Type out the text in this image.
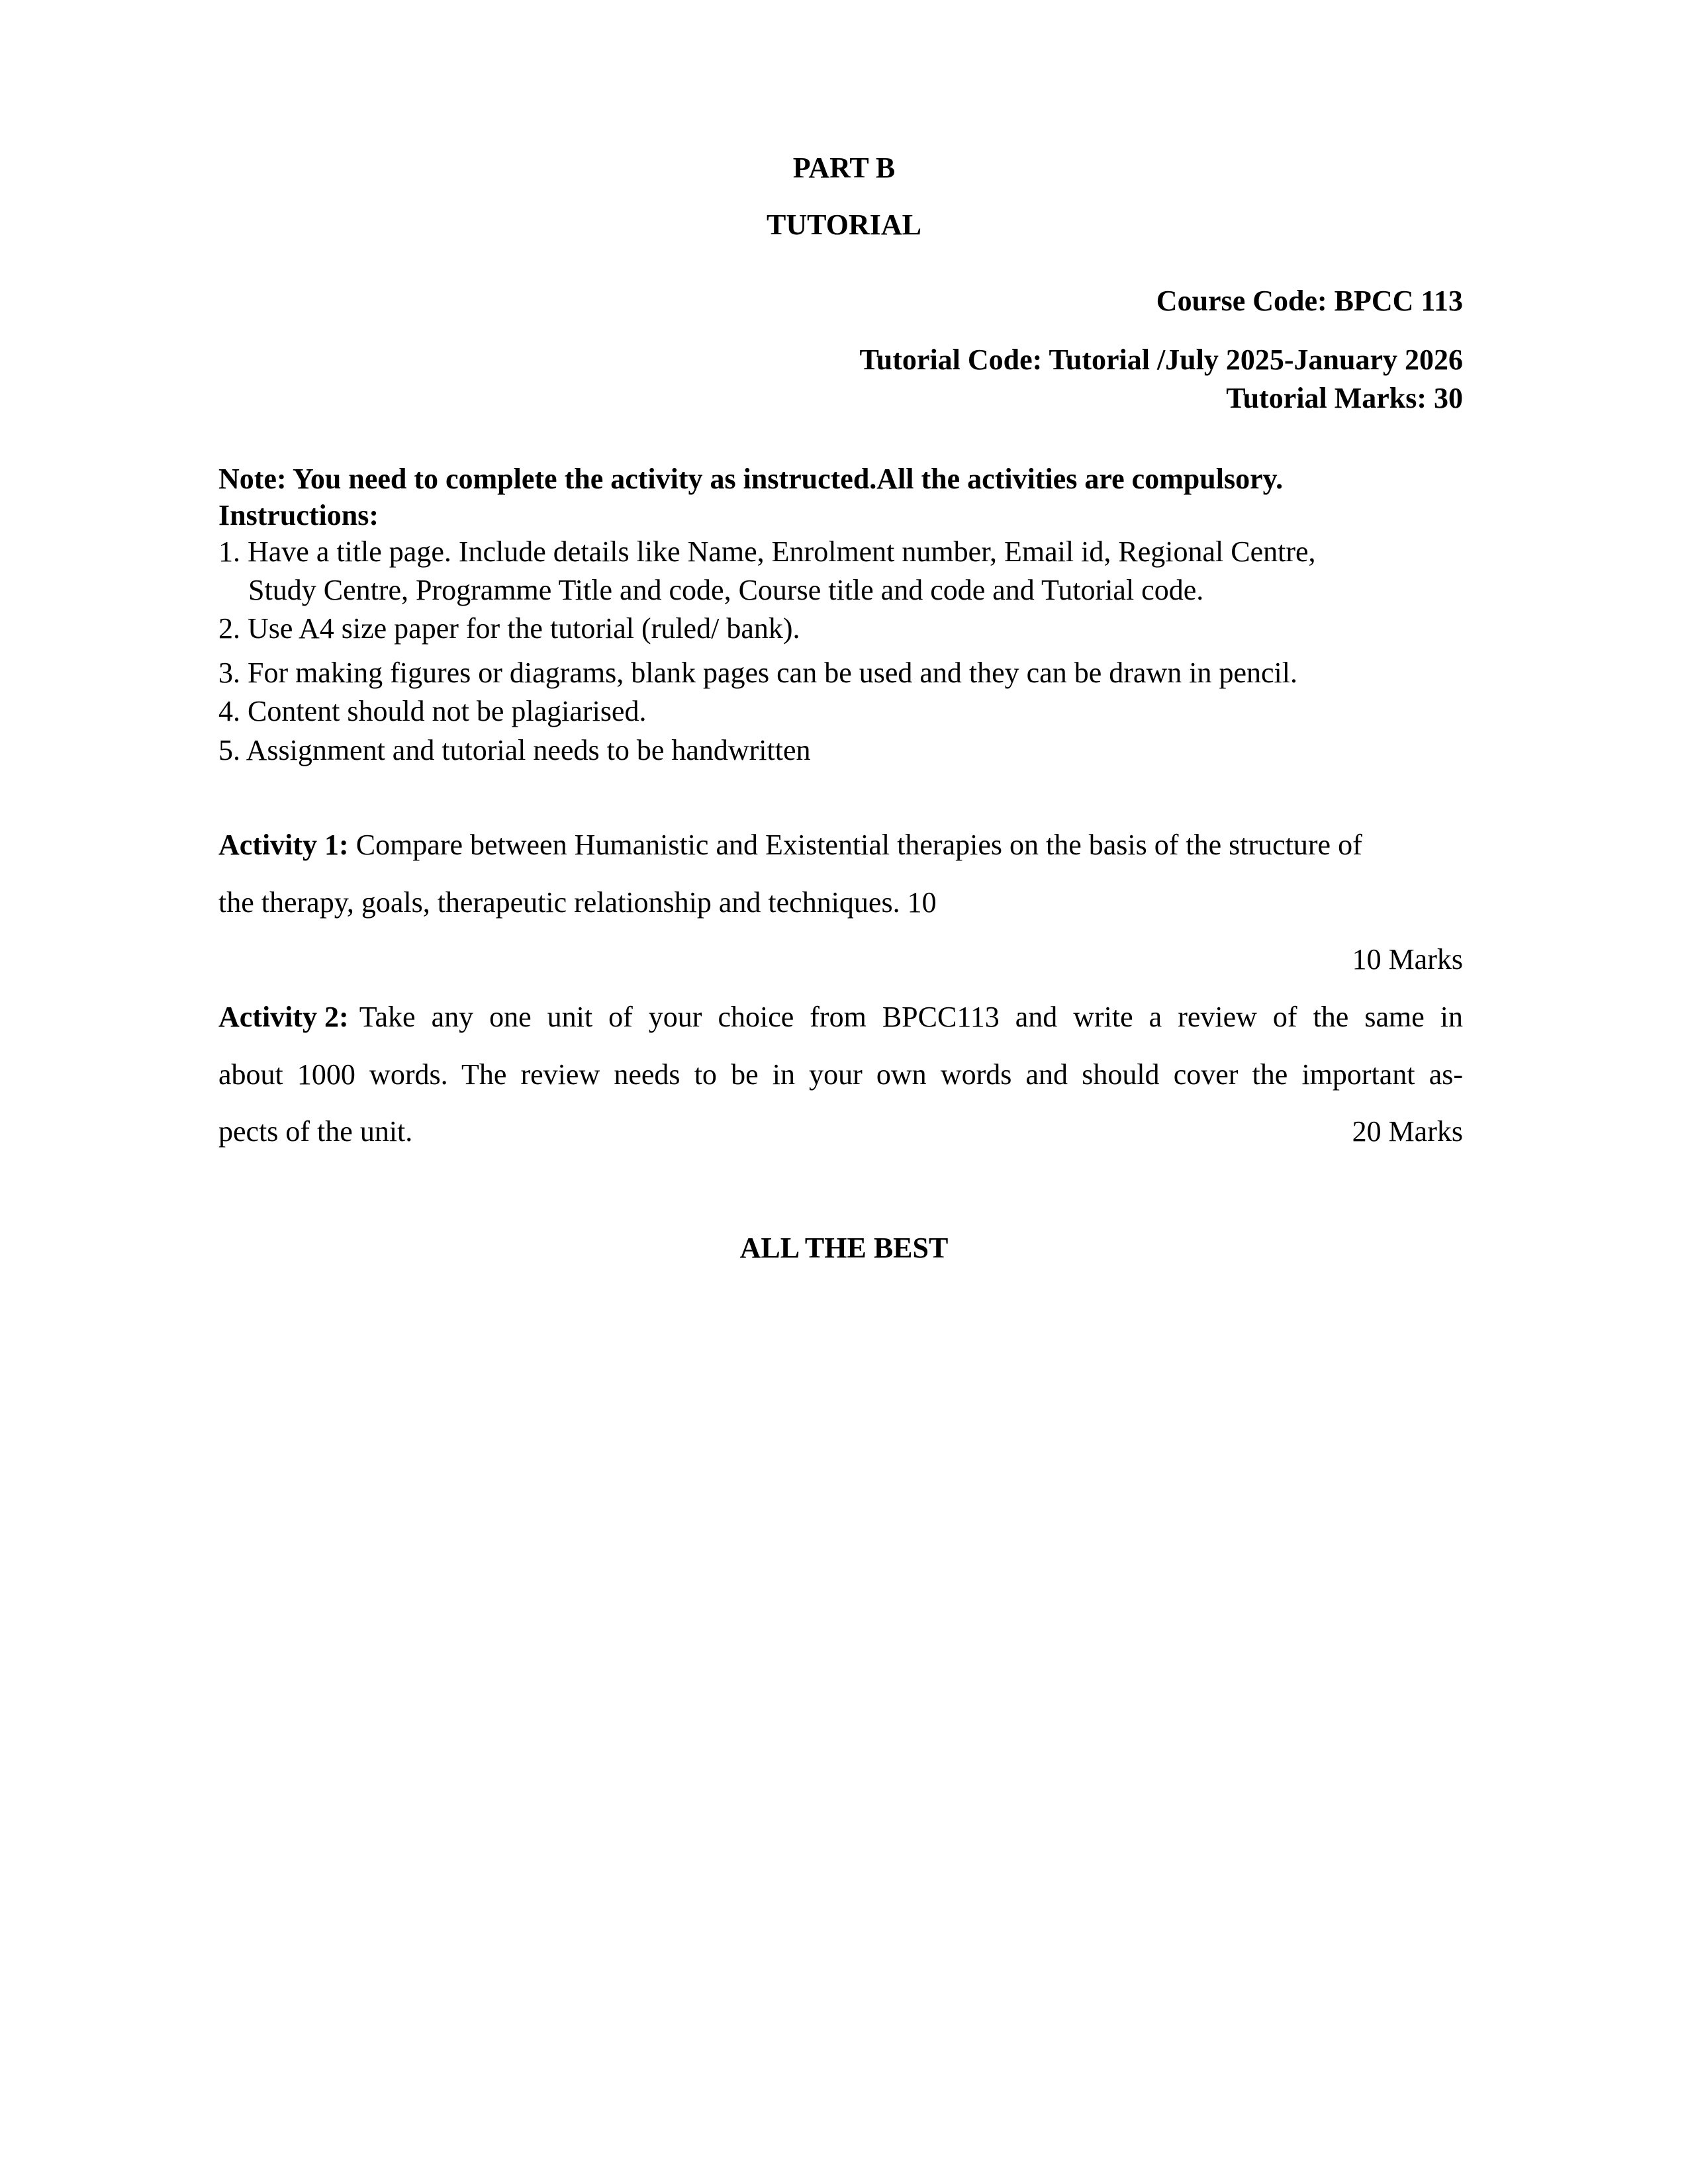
PART B
TUTORIAL
Course Code: BPCC 113
Tutorial Code: Tutorial /July 2025-January 2026
Tutorial Marks: 30
Note: You need to complete the activity as instructed.All the activities are compulsory.
Instructions:
1. Have a title page. Include details like Name, Enrolment number, Email id, Regional Centre,
Study Centre, Programme Title and code, Course title and code and Tutorial code.
2. Use A4 size paper for the tutorial (ruled/ bank).
3. For making figures or diagrams, blank pages can be used and they can be drawn in pencil.
4. Content should not be plagiarised.
5. Assignment and tutorial needs to be handwritten
Activity 1: Compare between Humanistic and Existential therapies on the basis of the structure of
the therapy, goals, therapeutic relationship and techniques. 10
10 Marks
Activity 2: Take any one unit of your choice from BPCC113 and write a review of the same in
about 1000 words. The review needs to be in your own words and should cover the important as-
pects of the unit.	20 Marks
ALL THE BEST
